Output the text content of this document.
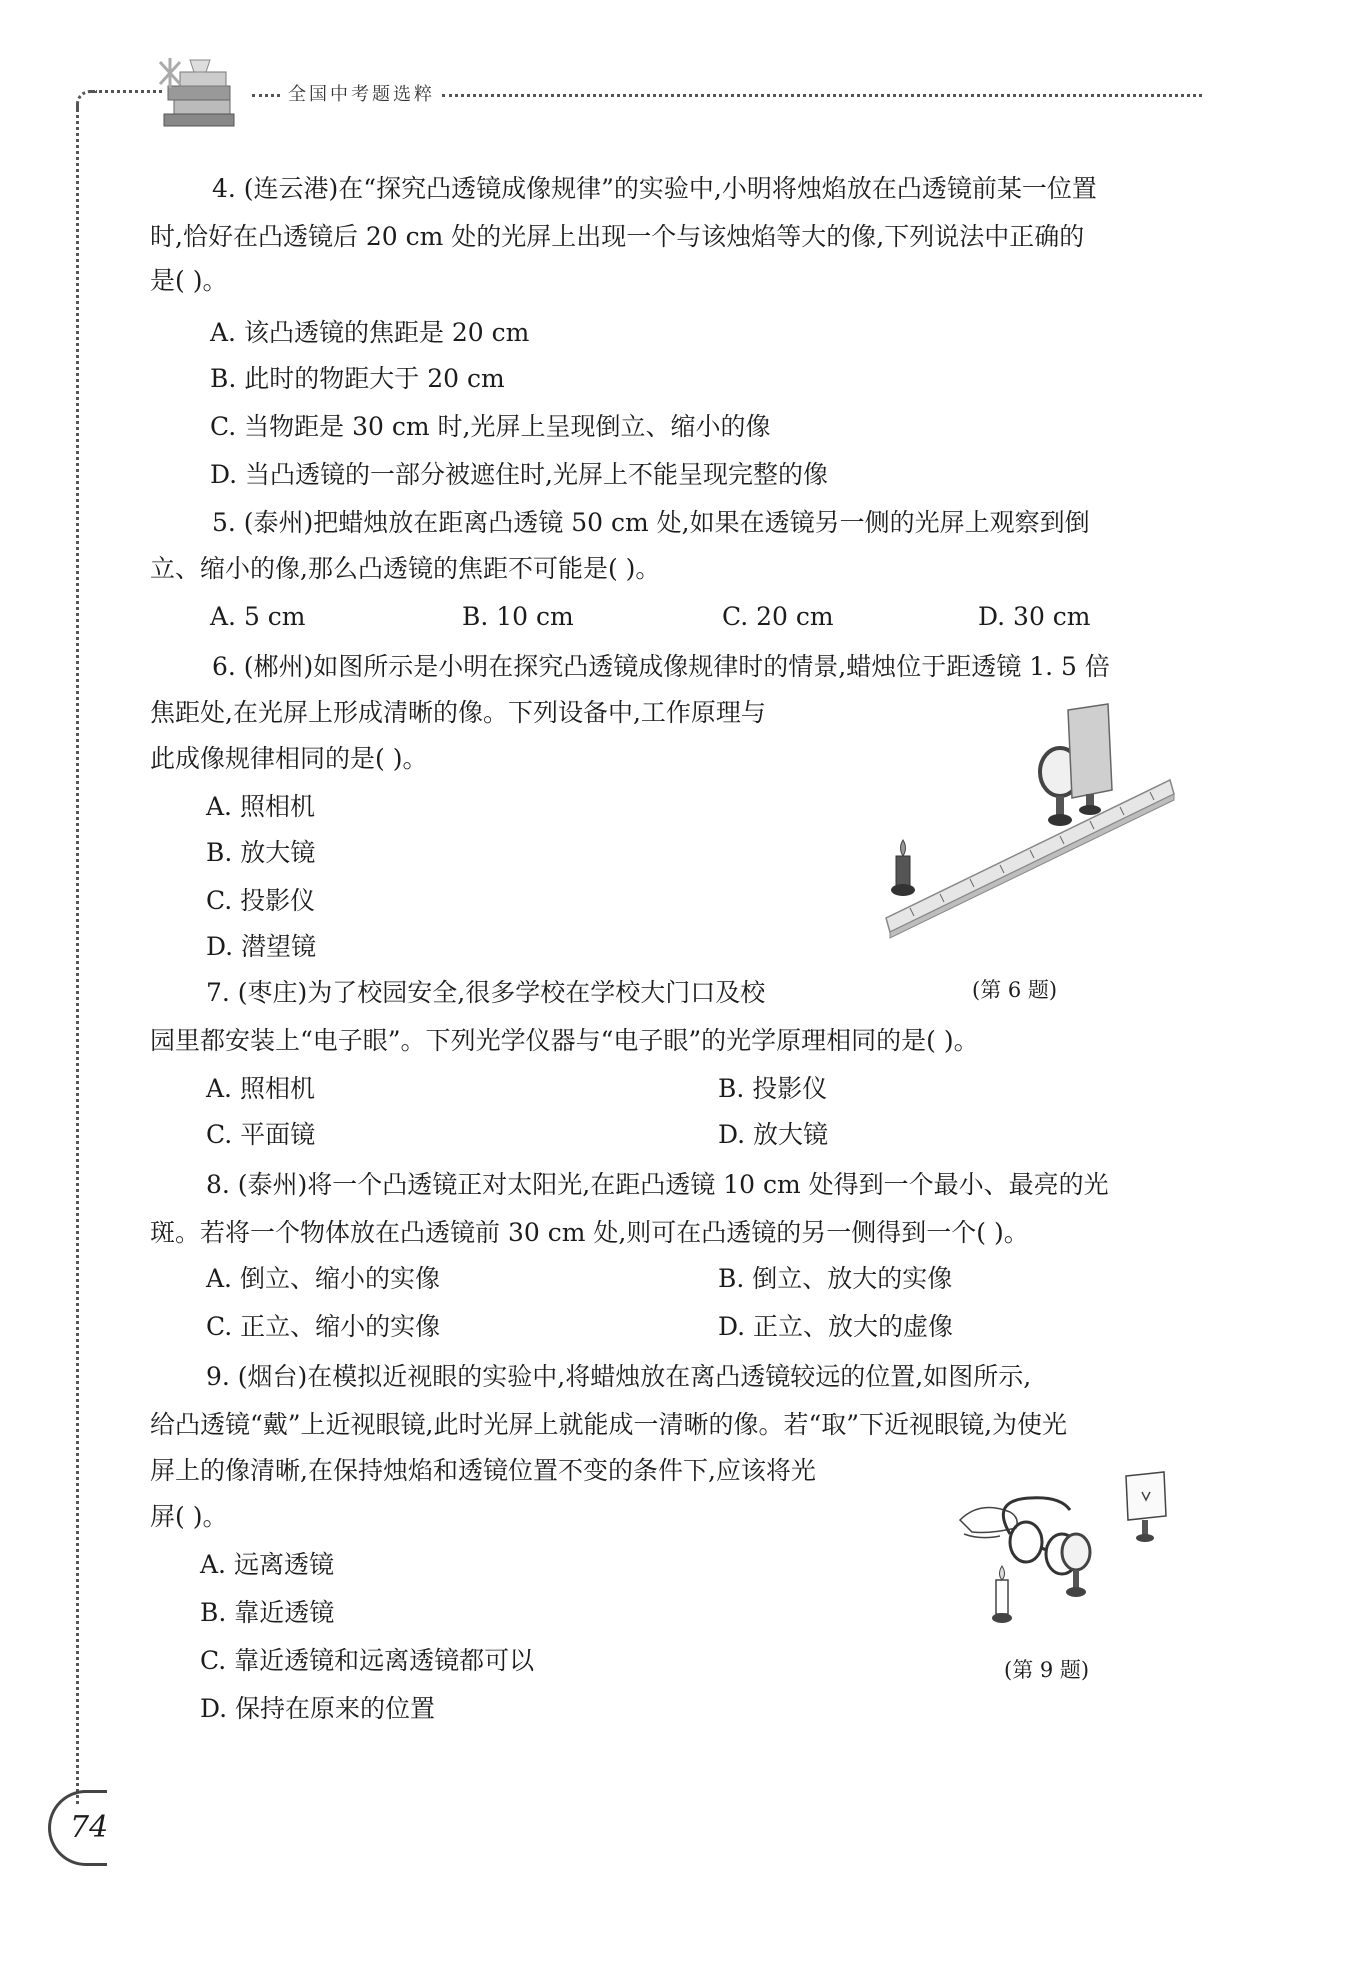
全国中考题选粹
4. (连云港)在“探究凸透镜成像规律”的实验中,小明将烛焰放在凸透镜前某一位置
时,恰好在凸透镜后 20 cm 处的光屏上出现一个与该烛焰等大的像,下列说法中正确的
是( )。
A. 该凸透镜的焦距是 20 cm
B. 此时的物距大于 20 cm
C. 当物距是 30 cm 时,光屏上呈现倒立、缩小的像
D. 当凸透镜的一部分被遮住时,光屏上不能呈现完整的像
5. (泰州)把蜡烛放在距离凸透镜 50 cm 处,如果在透镜另一侧的光屏上观察到倒
立、缩小的像,那么凸透镜的焦距不可能是( )。
A. 5 cm	B. 10 cm	C. 20 cm	D. 30 cm
6. (郴州)如图所示是小明在探究凸透镜成像规律时的情景,蜡烛位于距透镜 1. 5 倍
焦距处,在光屏上形成清晰的像。下列设备中,工作原理与
此成像规律相同的是( )。
A. 照相机
B. 放大镜
C. 投影仪
D. 潜望镜
(第 6 题)
7. (枣庄)为了校园安全,很多学校在学校大门口及校
园里都安装上“电子眼”。下列光学仪器与“电子眼”的光学原理相同的是( )。
A. 照相机	B. 投影仪
C. 平面镜	D. 放大镜
8. (泰州)将一个凸透镜正对太阳光,在距凸透镜 10 cm 处得到一个最小、最亮的光
斑。若将一个物体放在凸透镜前 30 cm 处,则可在凸透镜的另一侧得到一个( )。
A. 倒立、缩小的实像	B. 倒立、放大的实像
C. 正立、缩小的实像	D. 正立、放大的虚像
9. (烟台)在模拟近视眼的实验中,将蜡烛放在离凸透镜较远的位置,如图所示,
给凸透镜“戴”上近视眼镜,此时光屏上就能成一清晰的像。若“取”下近视眼镜,为使光
屏上的像清晰,在保持烛焰和透镜位置不变的条件下,应该将光
屏( )。
A. 远离透镜
B. 靠近透镜
C. 靠近透镜和远离透镜都可以
D. 保持在原来的位置
(第 9 题)
74
